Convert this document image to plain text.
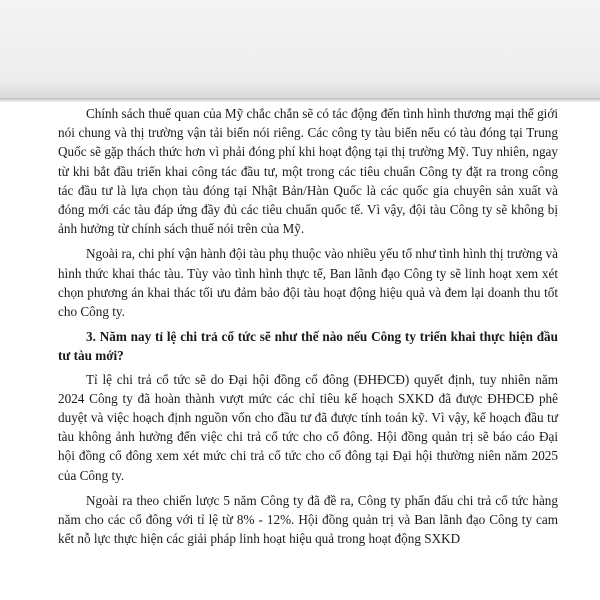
Chính sách thuế quan của Mỹ chắc chắn sẽ có tác động đến tình hình thương mại thế giới nói chung và thị trường vận tải biển nói riêng. Các công ty tàu biển nếu có tàu đóng tại Trung Quốc sẽ gặp thách thức hơn vì phải đóng phí khi hoạt động tại thị trường Mỹ. Tuy nhiên, ngay từ khi bắt đầu triển khai công tác đầu tư, một trong các tiêu chuẩn Công ty đặt ra trong công tác đầu tư là lựa chọn tàu đóng tại Nhật Bản/Hàn Quốc là các quốc gia chuyên sản xuất và đóng mới các tàu đáp ứng đầy đủ các tiêu chuẩn quốc tế. Vì vậy, đội tàu Công ty sẽ không bị ảnh hưởng từ chính sách thuế nói trên của Mỹ.

Ngoài ra, chi phí vận hành đội tàu phụ thuộc vào nhiều yếu tố như tình hình thị trường và hình thức khai thác tàu. Tùy vào tình hình thực tế, Ban lãnh đạo Công ty sẽ linh hoạt xem xét chọn phương án khai thác tối ưu đảm bảo đội tàu hoạt động hiệu quả và đem lại doanh thu tốt cho Công ty.

3. Năm nay tỉ lệ chi trả cổ tức sẽ như thế nào nếu Công ty triển khai thực hiện đầu tư tàu mới?

Tỉ lệ chi trả cổ tức sẽ do Đại hội đồng cổ đông (ĐHĐCĐ) quyết định, tuy nhiên năm 2024 Công ty đã hoàn thành vượt mức các chỉ tiêu kế hoạch SXKD đã được ĐHĐCĐ phê duyệt và việc hoạch định nguồn vốn cho đầu tư đã được tính toán kỹ. Vì vậy, kế hoạch đầu tư tàu không ảnh hưởng đến việc chi trả cổ tức cho cổ đông. Hội đồng quản trị sẽ báo cáo Đại hội đồng cổ đông xem xét mức chi trả cổ tức cho cổ đông tại Đại hội thường niên năm 2025 của Công ty.

Ngoài ra theo chiến lược 5 năm Công ty đã đề ra, Công ty phấn đấu chi trả cổ tức hàng năm cho các cổ đông với tỉ lệ từ 8% - 12%. Hội đồng quản trị và Ban lãnh đạo Công ty cam kết nỗ lực thực hiện các giải pháp linh hoạt hiệu quả trong hoạt động SXKD
